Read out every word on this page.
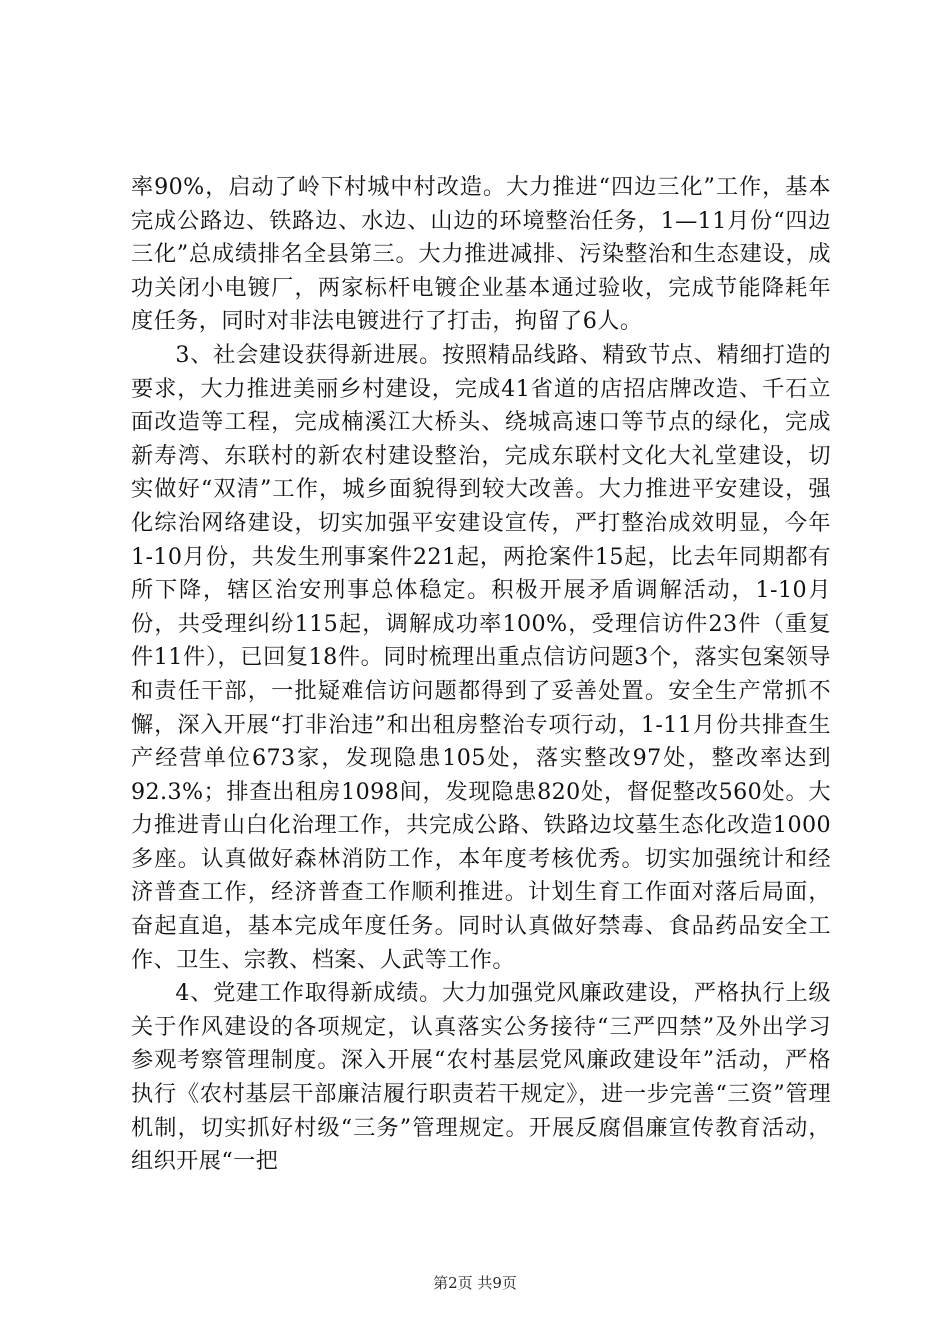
率90%，启动了岭下村城中村改造。大力推进“四边三化”工作，基本完成公路边、铁路边、水边、山边的环境整治任务，1—11月份“四边三化”总成绩排名全县第三。大力推进减排、污染整治和生态建设，成功关闭小电镀厂，两家标杆电镀企业基本通过验收，完成节能降耗年度任务，同时对非法电镀进行了打击，拘留了6人。

3、社会建设获得新进展。按照精品线路、精致节点、精细打造的要求，大力推进美丽乡村建设，完成41省道的店招店牌改造、千石立面改造等工程，完成楠溪江大桥头、绕城高速口等节点的绿化，完成新寿湾、东联村的新农村建设整治，完成东联村文化大礼堂建设，切实做好“双清”工作，城乡面貌得到较大改善。大力推进平安建设，强化综治网络建设，切实加强平安建设宣传，严打整治成效明显，今年1-10月份，共发生刑事案件221起，两抢案件15起，比去年同期都有所下降，辖区治安刑事总体稳定。积极开展矛盾调解活动，1-10月份，共受理纠纷115起，调解成功率100%，受理信访件23件（重复件11件），已回复18件。同时梳理出重点信访问题3个，落实包案领导和责任干部，一批疑难信访问题都得到了妥善处置。安全生产常抓不懈，深入开展“打非治违”和出租房整治专项行动，1-11月份共排查生产经营单位673家，发现隐患105处，落实整改97处，整改率达到92.3%；排查出租房1098间，发现隐患820处，督促整改560处。大力推进青山白化治理工作，共完成公路、铁路边坟墓生态化改造1000多座。认真做好森林消防工作，本年度考核优秀。切实加强统计和经济普查工作，经济普查工作顺利推进。计划生育工作面对落后局面，奋起直追，基本完成年度任务。同时认真做好禁毒、食品药品安全工作、卫生、宗教、档案、人武等工作。

4、党建工作取得新成绩。大力加强党风廉政建设，严格执行上级关于作风建设的各项规定，认真落实公务接待“三严四禁”及外出学习参观考察管理制度。深入开展“农村基层党风廉政建设年”活动，严格执行《农村基层干部廉洁履行职责若干规定》，进一步完善“三资”管理机制，切实抓好村级“三务”管理规定。开展反腐倡廉宣传教育活动，组织开展“一把

第2页 共9页
